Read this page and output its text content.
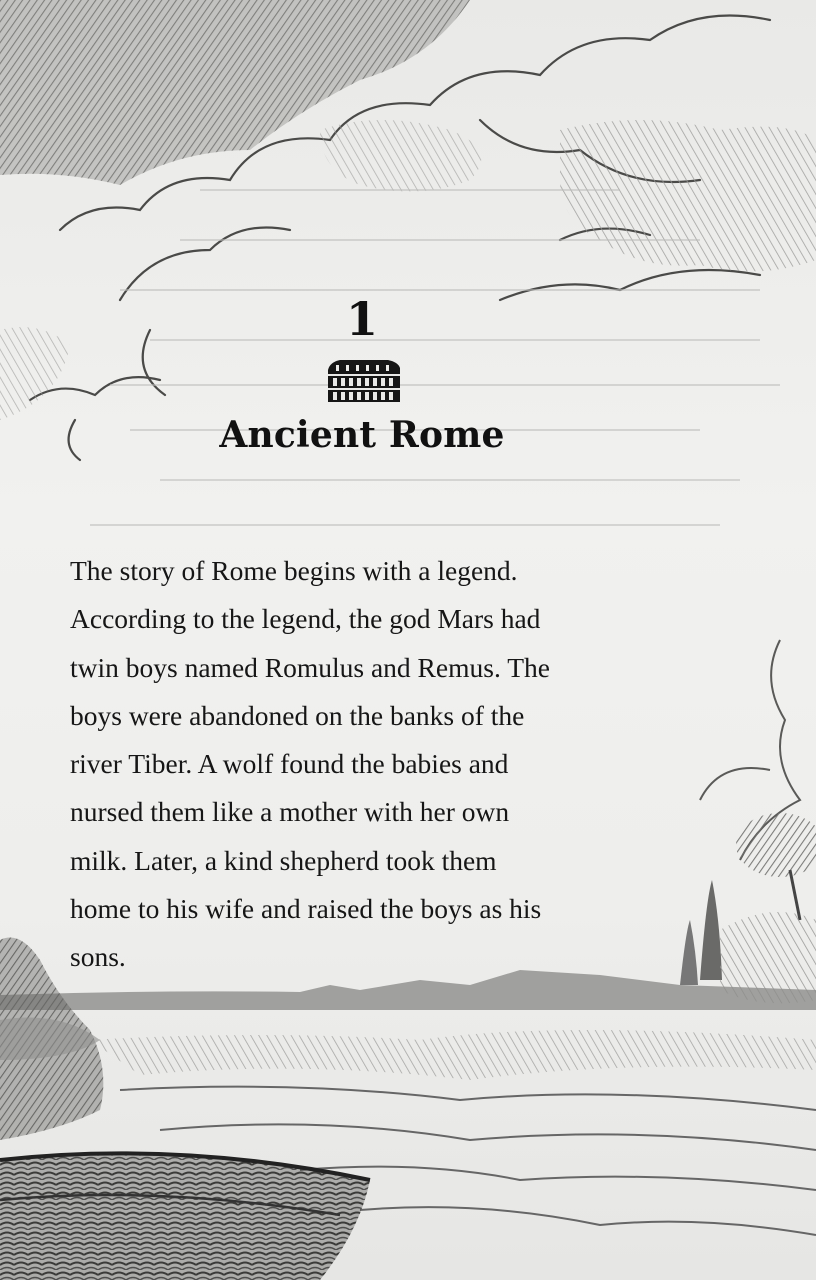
1
Ancient Rome
The story of Rome begins with a legend.
According to the legend, the god Mars had
twin boys named Romulus and Remus. The
boys were abandoned on the banks of the
river Tiber. A wolf found the babies and
nursed them like a mother with her own
milk. Later, a kind shepherd took them
home to his wife and raised the boys as his
sons.
